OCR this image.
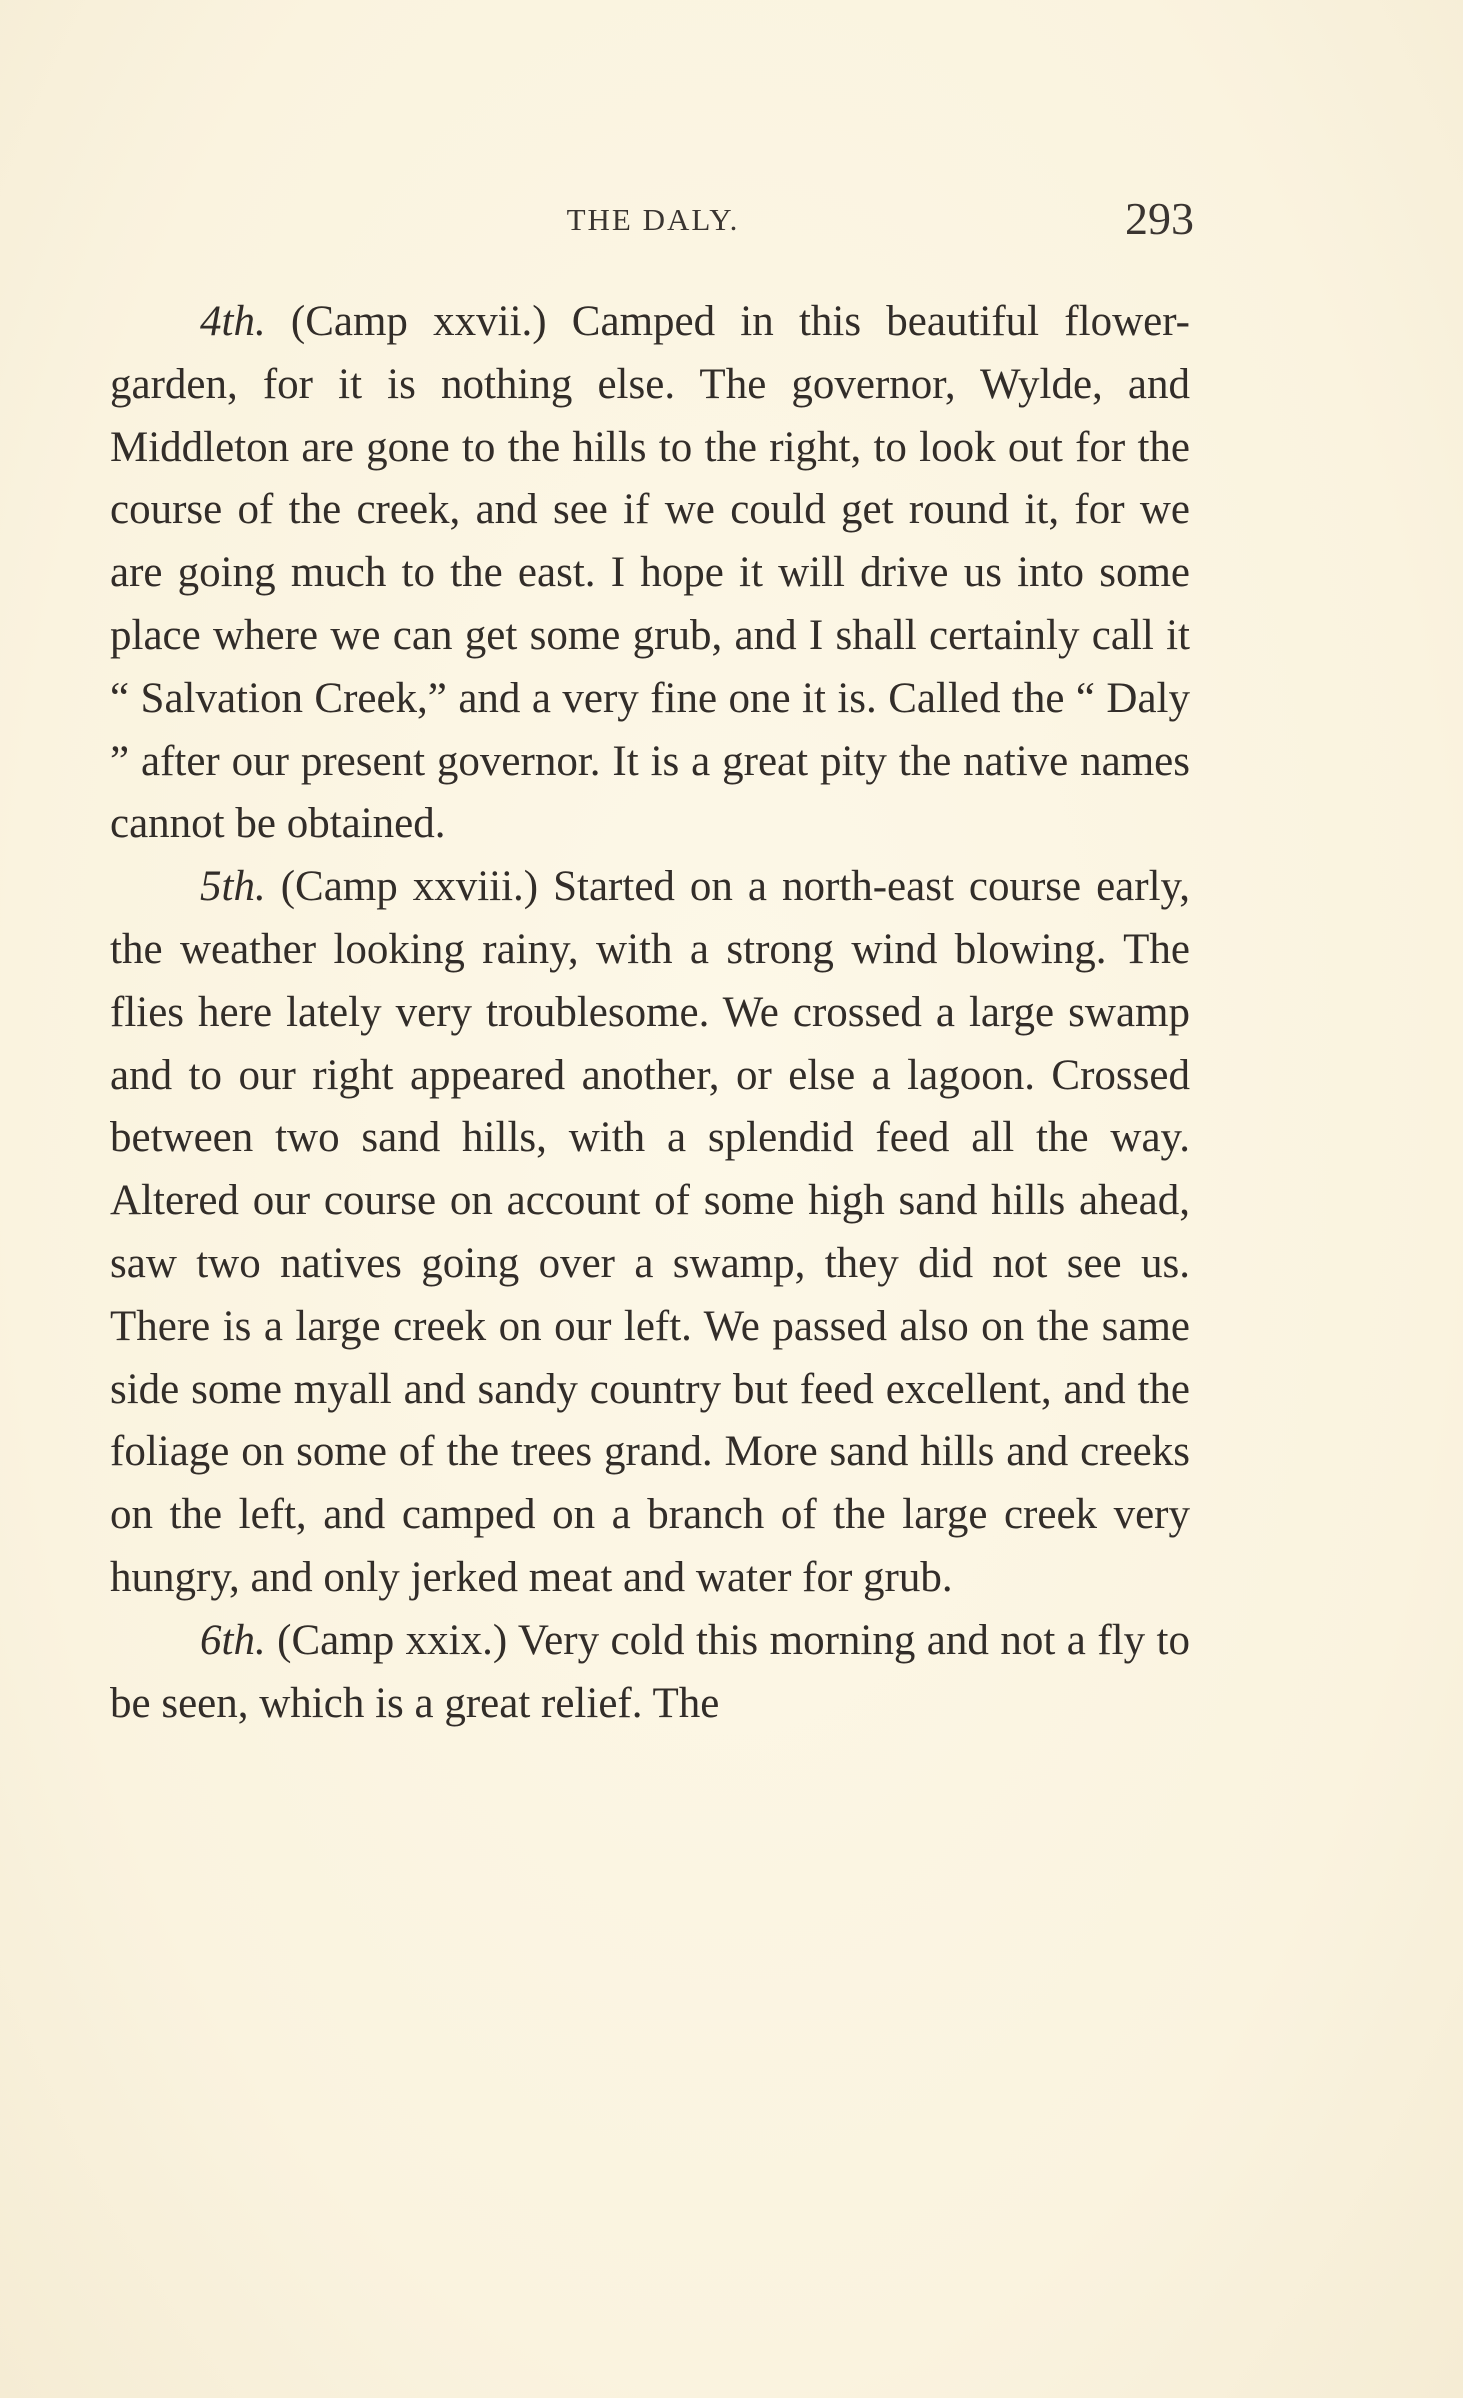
THE DALY.	293

4th. (Camp xxvii.) Camped in this beautiful flower-garden, for it is nothing else. The governor, Wylde, and Middleton are gone to the hills to the right, to look out for the course of the creek, and see if we could get round it, for we are going much to the east. I hope it will drive us into some place where we can get some grub, and I shall certainly call it “ Salvation Creek,” and a very fine one it is. Called the “ Daly ” after our present governor. It is a great pity the native names cannot be obtained.

5th. (Camp xxviii.) Started on a north-east course early, the weather looking rainy, with a strong wind blowing. The flies here lately very troublesome. We crossed a large swamp and to our right appeared another, or else a lagoon. Crossed between two sand hills, with a splendid feed all the way. Altered our course on account of some high sand hills ahead, saw two natives going over a swamp, they did not see us. There is a large creek on our left. We passed also on the same side some myall and sandy country but feed excellent, and the foliage on some of the trees grand. More sand hills and creeks on the left, and camped on a branch of the large creek very hungry, and only jerked meat and water for grub.

6th. (Camp xxix.) Very cold this morning and not a fly to be seen, which is a great relief. The
